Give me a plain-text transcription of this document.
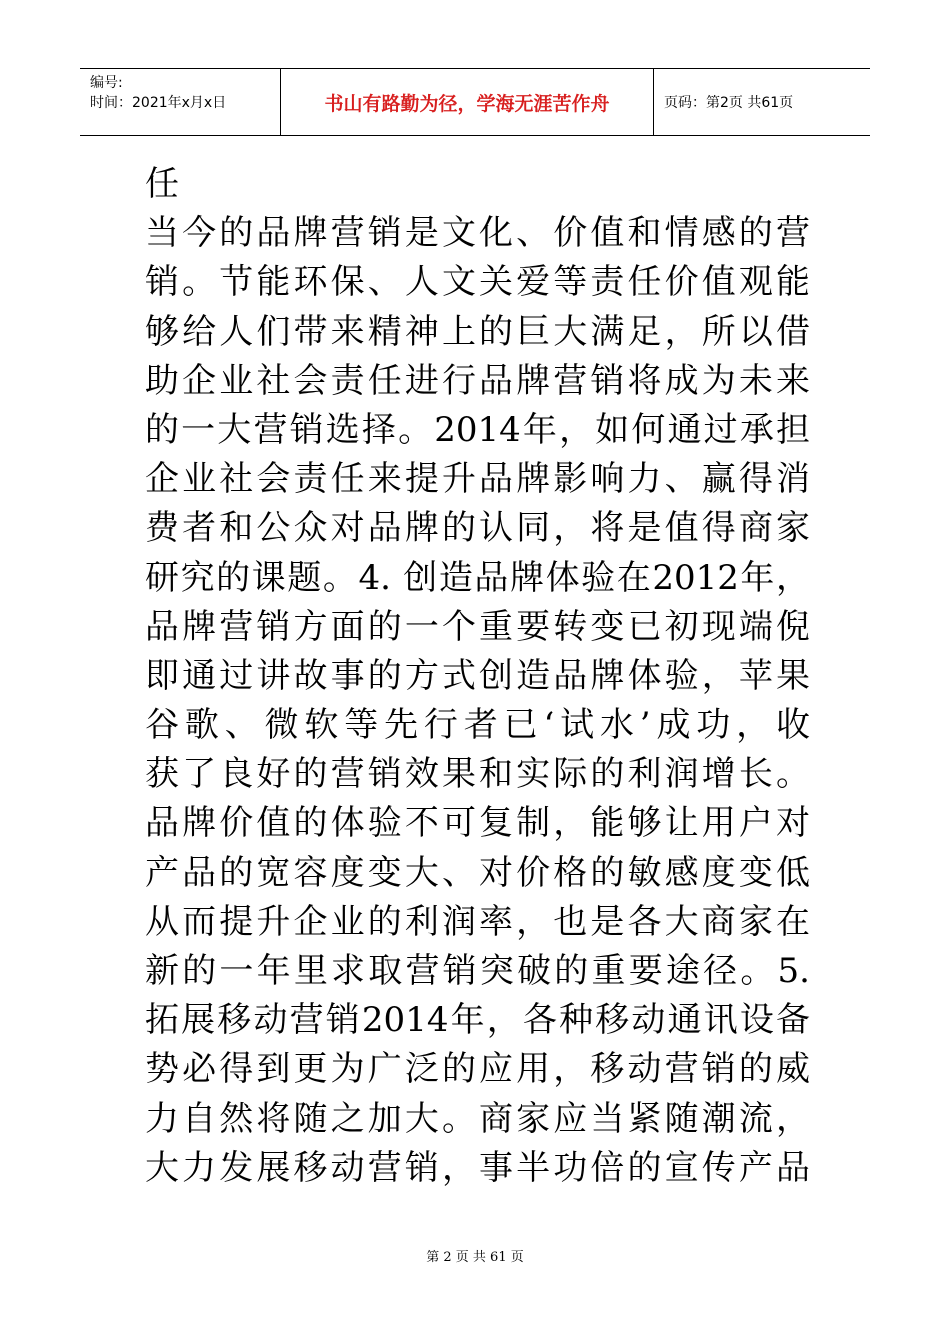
编号:
时间：2021年x月x日	书山有路勤为径，学海无涯苦作舟	页码：第2页 共61页
任
当今的品牌营销是文化、价值和情感的营
销。节能环保、人文关爱等责任价值观能
够给人们带来精神上的巨大满足，所以借
助企业社会责任进行品牌营销将成为未来
的一大营销选择。2014年，如何通过承担
企业社会责任来提升品牌影响力、赢得消
费者和公众对品牌的认同，将是值得商家
研究的课题。4. 创造品牌体验在2012年，
品牌营销方面的一个重要转变已初现端倪
即通过讲故事的方式创造品牌体验，苹果
谷歌、微软等先行者已‘试水’成功，收
获了良好的营销效果和实际的利润增长。
品牌价值的体验不可复制，能够让用户对
产品的宽容度变大、对价格的敏感度变低
从而提升企业的利润率，也是各大商家在
新的一年里求取营销突破的重要途径。5.
拓展移动营销2014年，各种移动通讯设备
势必得到更为广泛的应用，移动营销的威
力自然将随之加大。商家应当紧随潮流，
大力发展移动营销，事半功倍的宣传产品
第 2 页 共 61 页
